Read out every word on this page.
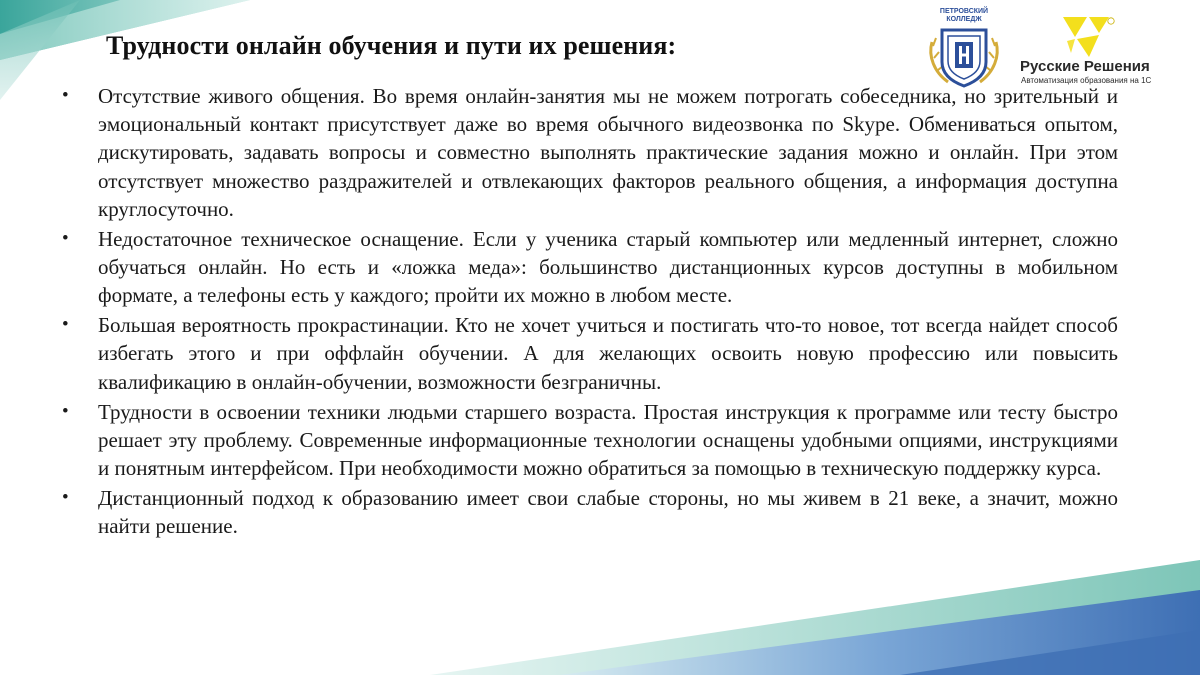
Трудности онлайн обучения и пути их решения:
ПЕТРОВСКИЙ КОЛЛЕДЖ
Русские Решения
Автоматизация образования на 1С
•	Отсутствие живого общения. Во время онлайн-занятия мы не можем потрогать собеседника, но зрительный и эмоциональный контакт присутствует даже во время обычного видеозвонка по Skype. Обмениваться опытом, дискутировать, задавать вопросы и совместно выполнять практические задания можно и онлайн. При этом отсутствует множество раздражителей и отвлекающих факторов реального общения, а информация доступна круглосуточно.
•	Недостаточное техническое оснащение. Если у ученика старый компьютер или медленный интернет, сложно обучаться онлайн. Но есть и «ложка меда»: большинство дистанционных курсов доступны в мобильном формате, а телефоны есть у каждого; пройти их можно в любом месте.
•	Большая вероятность прокрастинации. Кто не хочет учиться и постигать что-то новое, тот всегда найдет способ избегать этого и при оффлайн обучении. А для желающих освоить новую профессию или повысить квалификацию в онлайн-обучении, возможности безграничны.
•	Трудности в освоении техники людьми старшего возраста. Простая инструкция к программе или тесту быстро решает эту проблему. Современные информационные технологии оснащены удобными опциями, инструкциями и понятным интерфейсом. При необходимости можно обратиться за помощью в техническую поддержку курса.
•	Дистанционный подход к образованию имеет свои слабые стороны, но мы живем в 21 веке, а значит, можно найти решение.
